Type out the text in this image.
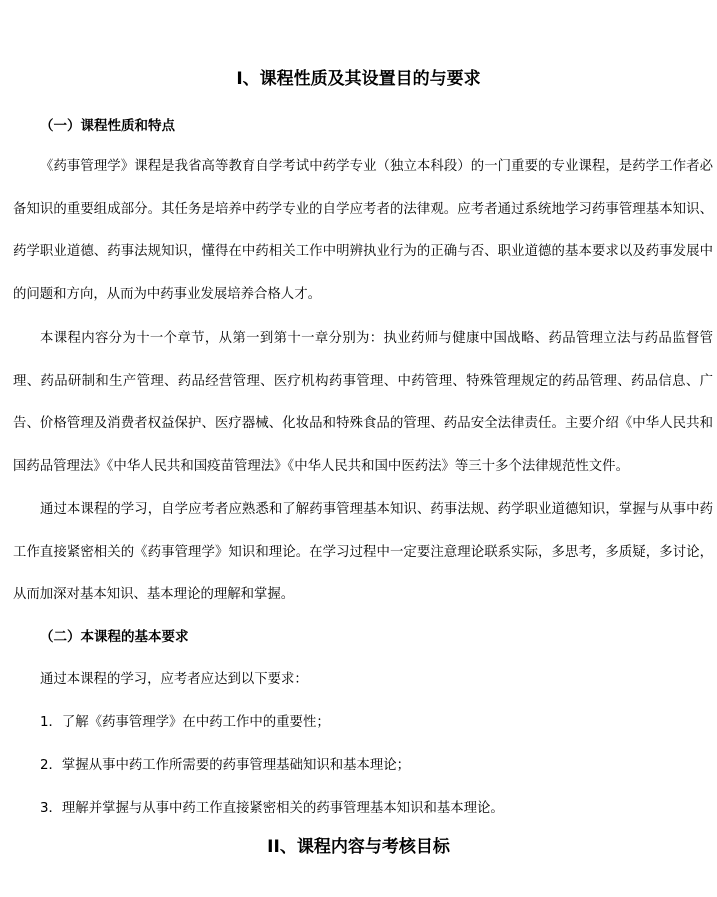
I、课程性质及其设置目的与要求
（一）课程性质和特点

《药事管理学》课程是我省高等教育自学考试中药学专业（独立本科段）的一门重要的专业课程，是药学工作者必备知识的重要组成部分。其任务是培养中药学专业的自学应考者的法律观。应考者通过系统地学习药事管理基本知识、药学职业道德、药事法规知识，懂得在中药相关工作中明辨执业行为的正确与否、职业道德的基本要求以及药事发展中的问题和方向，从而为中药事业发展培养合格人才。

本课程内容分为十一个章节，从第一到第十一章分别为：执业药师与健康中国战略、药品管理立法与药品监督管理、药品研制和生产管理、药品经营管理、医疗机构药事管理、中药管理、特殊管理规定的药品管理、药品信息、广告、价格管理及消费者权益保护、医疗器械、化妆品和特殊食品的管理、药品安全法律责任。主要介绍《中华人民共和国药品管理法》《中华人民共和国疫苗管理法》《中华人民共和国中医药法》等三十多个法律规范性文件。

通过本课程的学习，自学应考者应熟悉和了解药事管理基本知识、药事法规、药学职业道德知识，掌握与从事中药工作直接紧密相关的《药事管理学》知识和理论。在学习过程中一定要注意理论联系实际，多思考，多质疑，多讨论，从而加深对基本知识、基本理论的理解和掌握。

（二）本课程的基本要求
通过本课程的学习，应考者应达到以下要求：
1．了解《药事管理学》在中药工作中的重要性；
2．掌握从事中药工作所需要的药事管理基础知识和基本理论；
3．理解并掌握与从事中药工作直接紧密相关的药事管理基本知识和基本理论。
II、课程内容与考核目标
